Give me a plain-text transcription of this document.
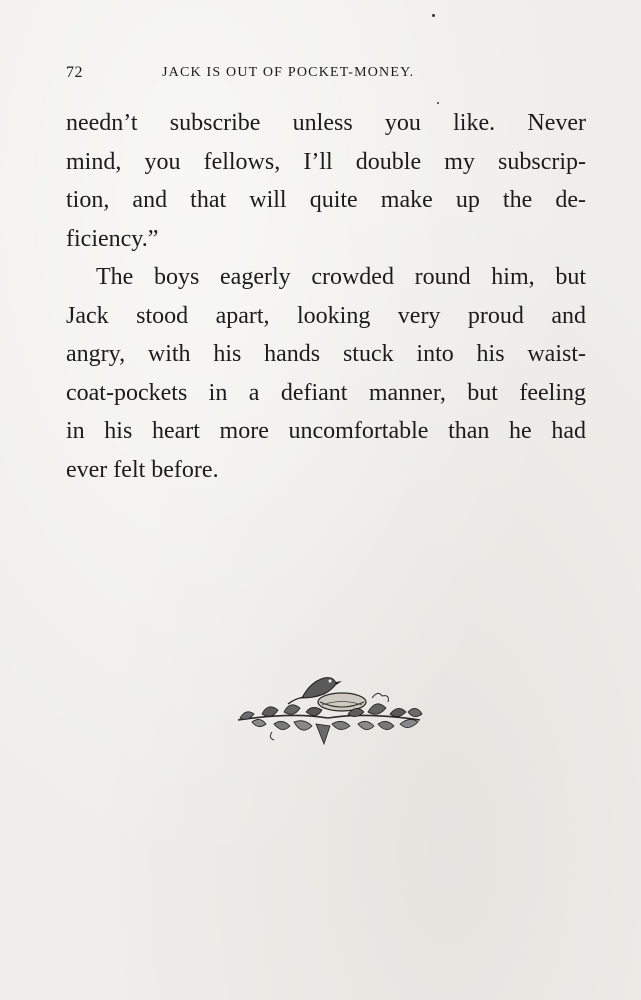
72	JACK IS OUT OF POCKET-MONEY.
needn’t subscribe unless you like. Never
mind, you fellows, I’ll double my subscrip-
tion, and that will quite make up the de-
ficiency.”
The boys eagerly crowded round him, but
Jack stood apart, looking very proud and
angry, with his hands stuck into his waist-
coat-pockets in a defiant manner, but feeling
in his heart more uncomfortable than he had
ever felt before.
